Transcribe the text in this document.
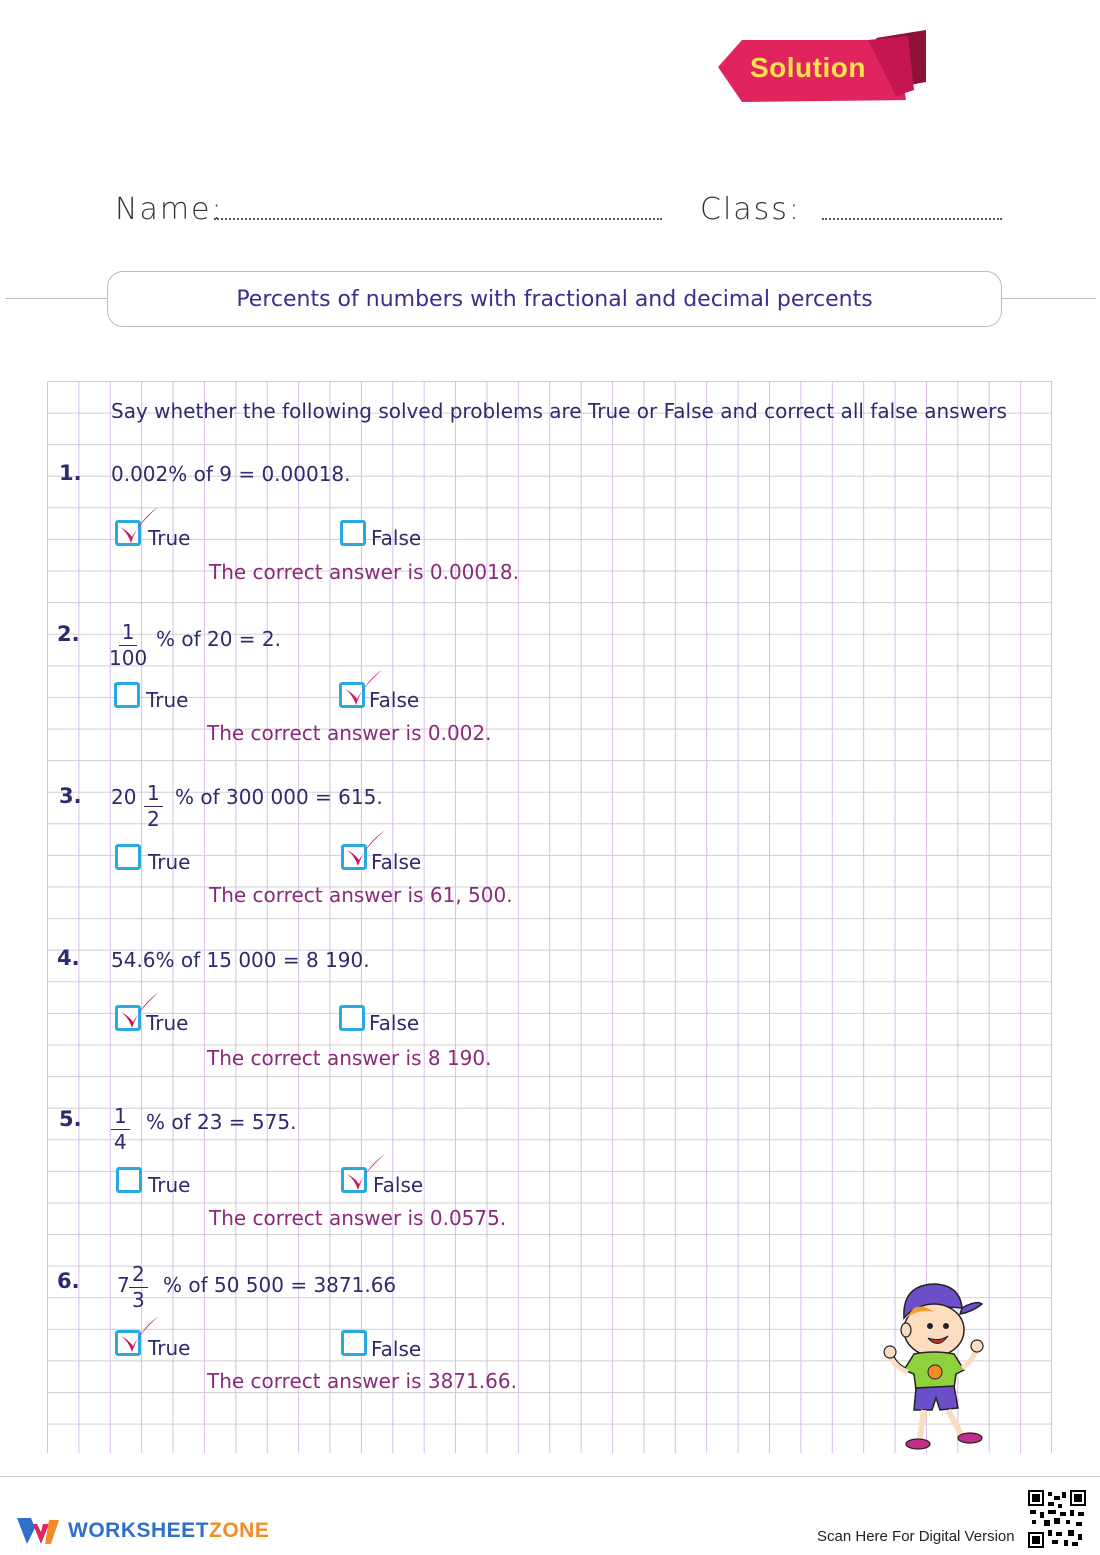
Solution
Name:	Class:
Percents of numbers with fractional and decimal percents
Say whether the following solved problems are True or False and correct all false answers
1. 0.002% of 9 = 0.00018.
True	False
The correct answer is 0.00018.
2. $\frac{1}{100}$ % of 20 = 2.
True	False
The correct answer is 0.002.
3. $20 \frac{1}{2}$ % of 300 000 = 615.
True	False
The correct answer is 61, 500.
4. 54.6% of 15 000 = 8 190.
True	False
The correct answer is 8 190.
5. $\frac{1}{4}$ % of 23 = 575.
True	False
The correct answer is 0.0575.
6. $7 \frac{2}{3}$ % of 50 500 = 3871.66
True	False
The correct answer is 3871.66.
WORKSHEETZONE	Scan Here For Digital Version
